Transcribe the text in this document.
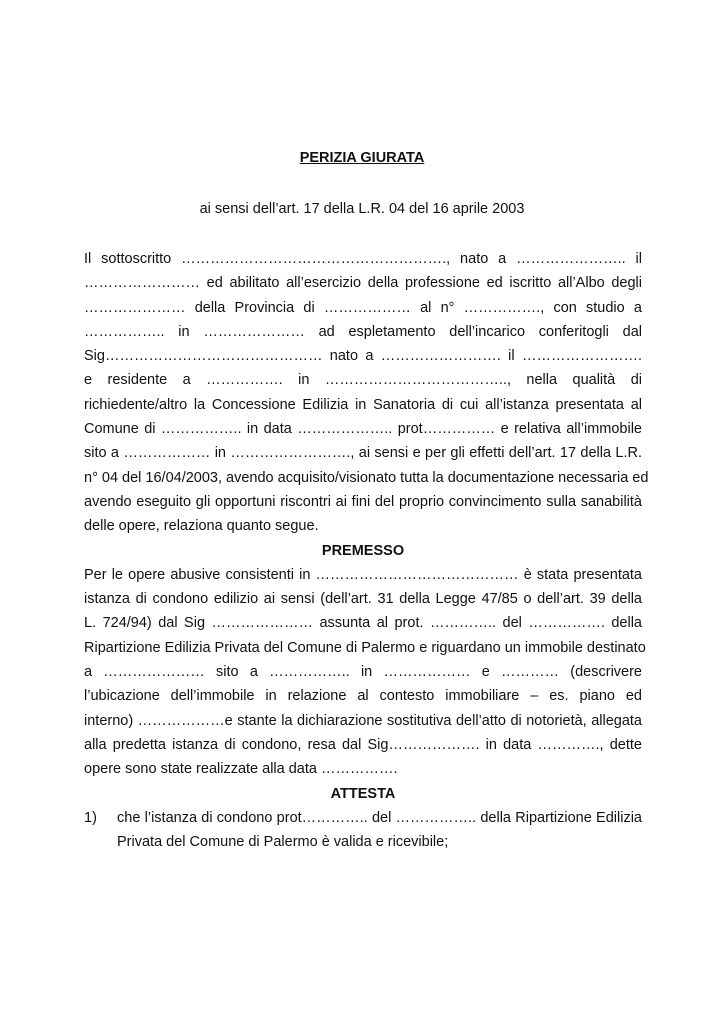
PERIZIA GIURATA
ai sensi dell’art. 17 della L.R. 04 del 16 aprile 2003
Il sottoscritto ………………………………………………., nato a ………………….. il
…………………… ed abilitato all’esercizio della professione ed iscritto all’Albo degli
………………… della Provincia di ……………… al n° ……………., con studio a
…………….. in ………………… ad espletamento dell’incarico conferitogli dal
Sig……………………………………… nato a ……………………. il …………………….
e residente a ……………. in ……………………………….., nella qualità di
richiedente/altro la Concessione Edilizia in Sanatoria di cui all’istanza presentata al
Comune di …………….. in data ……………….. prot…………… e relativa all’immobile
sito a ……………… in ……………………., ai sensi e per gli effetti dell’art. 17 della L.R.
n° 04 del 16/04/2003, avendo acquisito/visionato tutta la documentazione necessaria ed
avendo eseguito gli opportuni riscontri ai fini del proprio convincimento sulla sanabilità
delle opere, relaziona quanto segue.
PREMESSO
Per le opere abusive consistenti in …………………………………… è stata presentata
istanza di condono edilizio ai sensi (dell’art. 31 della Legge 47/85 o dell’art. 39 della
L. 724/94) dal Sig ………………… assunta al prot. ………….. del ……………. della
Ripartizione Edilizia Privata del Comune di Palermo e riguardano un immobile destinato
a ………………… sito a …………….. in ……………… e ………… (descrivere
l’ubicazione dell’immobile in relazione al contesto immobiliare – es. piano ed
interno) ………………e stante la dichiarazione sostitutiva dell’atto di notorietà, allegata
alla predetta istanza di condono, resa dal Sig………………. in data …………., dette
opere sono state realizzate alla data …………….
ATTESTA
1) che l’istanza di condono prot………….. del …………….. della Ripartizione Edilizia
Privata del Comune di Palermo è valida e ricevibile;
